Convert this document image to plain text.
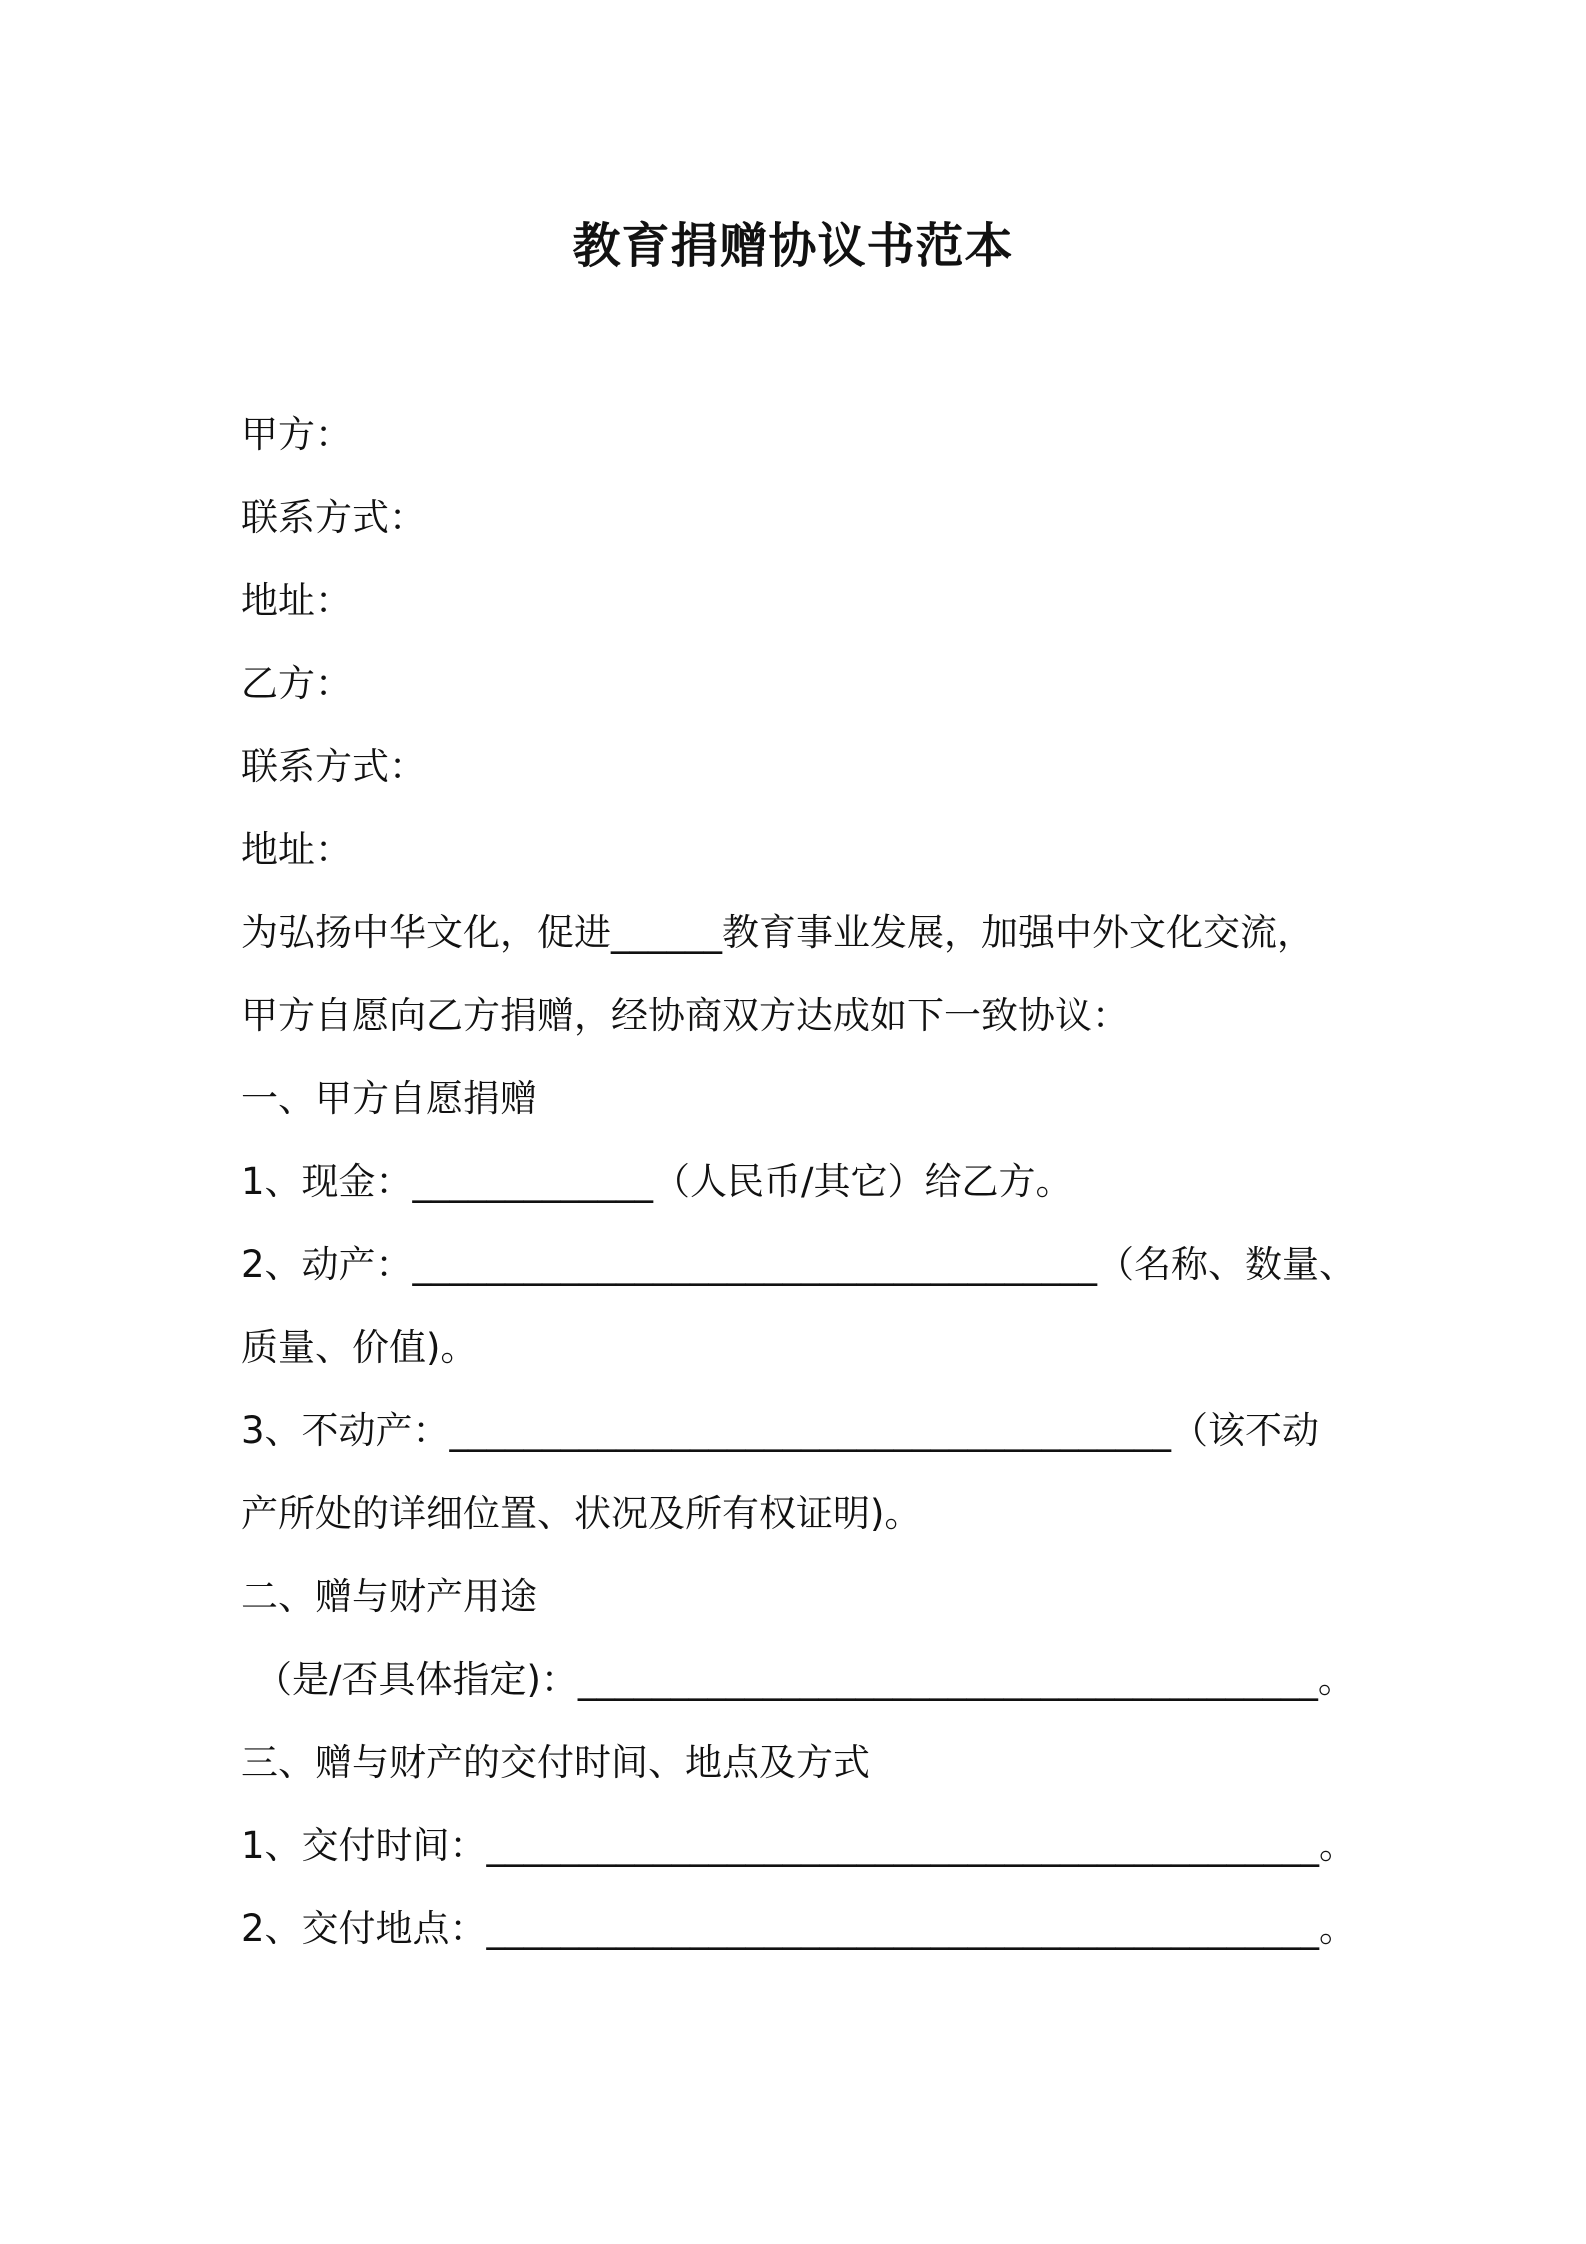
教育捐赠协议书范本
甲方：
联系方式：
地址：
乙方：
联系方式：
地址：
为弘扬中华文化，促进______教育事业发展，加强中外文化交流，
甲方自愿向乙方捐赠，经协商双方达成如下一致协议：
一、甲方自愿捐赠
1、现金：_____________（人民币/其它）给乙方。
2、动产：_____________________________________（名称、数量、
质量、价值)。
3、不动产：_______________________________________（该不动
产所处的详细位置、状况及所有权证明)。
二、赠与财产用途
（是/否具体指定)：________________________________________。
三、赠与财产的交付时间、地点及方式
1、交付时间：_____________________________________________。
2、交付地点：_____________________________________________。
